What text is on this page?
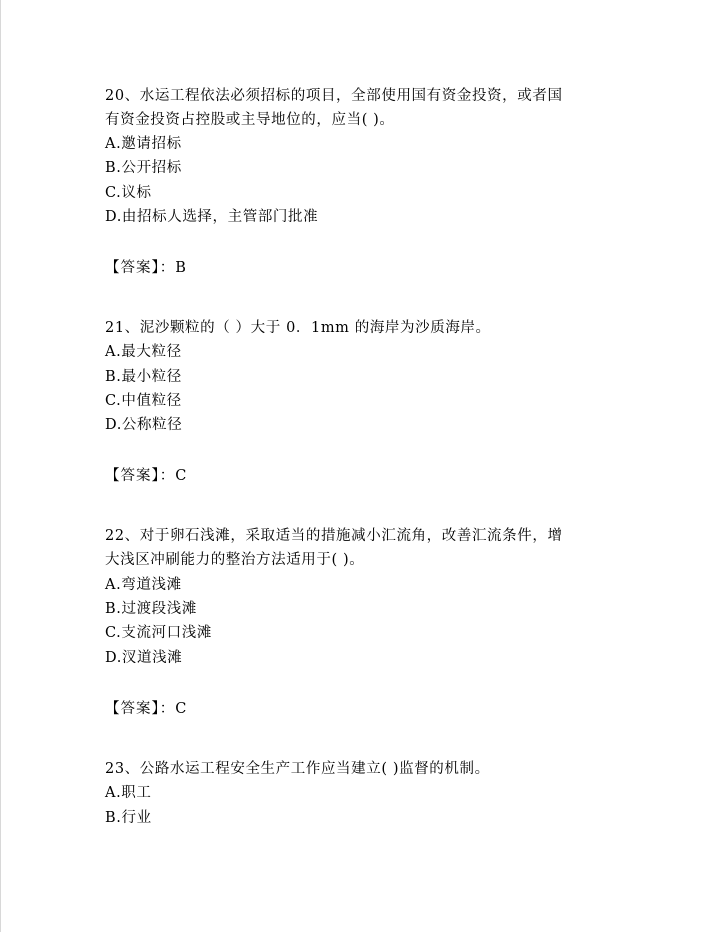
20、水运工程依法必须招标的项目，全部使用国有资金投资，或者国
有资金投资占控股或主导地位的，应当( )。
A.邀请招标
B.公开招标
C.议标
D.由招标人选择，主管部门批准
【答案】：B
21、泥沙颗粒的（ ）大于 0．1mm 的海岸为沙质海岸。
A.最大粒径
B.最小粒径
C.中值粒径
D.公称粒径
【答案】：C
22、对于卵石浅滩，采取适当的措施减小汇流角，改善汇流条件，增
大浅区冲刷能力的整治方法适用于( )。
A.弯道浅滩
B.过渡段浅滩
C.支流河口浅滩
D.汊道浅滩
【答案】：C
23、公路水运工程安全生产工作应当建立( )监督的机制。
A.职工
B.行业
